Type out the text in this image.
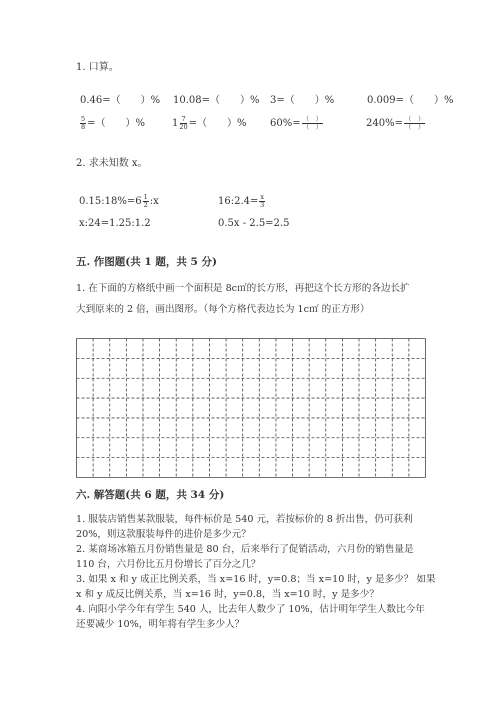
1. 口算。
0.46=（　　）% 10.08=（　　）% 3=（　　）%	0.009=（　　）%
$\frac{5}{8}$ =（　　）%	$1 \frac{7}{20}$ =（　　）% $60\%= \frac{( )}{( )}$	$240\%= \frac{( )}{( )}$
2. 求未知数 x。
0.15:18%=6 $\frac{1}{2}$ :x	16:2.4= $\frac{x}{3}$
x:24=1.25:1.2	0.5x - 2.5=2.5
五. 作图题(共 1 题，共 5 分)
1. 在下面的方格纸中画一个面积是 8c㎡的长方形，再把这个长方形的各边长扩
大到原来的 2 倍，画出图形。（每个方格代表边长为 1c㎡ 的正方形）
六. 解答题(共 6 题，共 34 分)
1. 服装店销售某款服装，每件标价是 540 元，若按标价的 8 折出售，仍可获利
20%，则这款服装每件的进价是多少元？
2. 某商场冰箱五月份销售量是 80 台，后来举行了促销活动，六月份的销售量是
110 台，六月份比五月份增长了百分之几？
3. 如果 x 和 y 成正比例关系，当 x=16 时，y=0.8；当 x=10 时，y 是多少？ 如果
x 和 y 成反比例关系，当 x=16 时，y=0.8，当 x=10 时，y 是多少？
4. 向阳小学今年有学生 540 人，比去年人数少了 10%，估计明年学生人数比今年
还要减少 10%，明年将有学生多少人？
